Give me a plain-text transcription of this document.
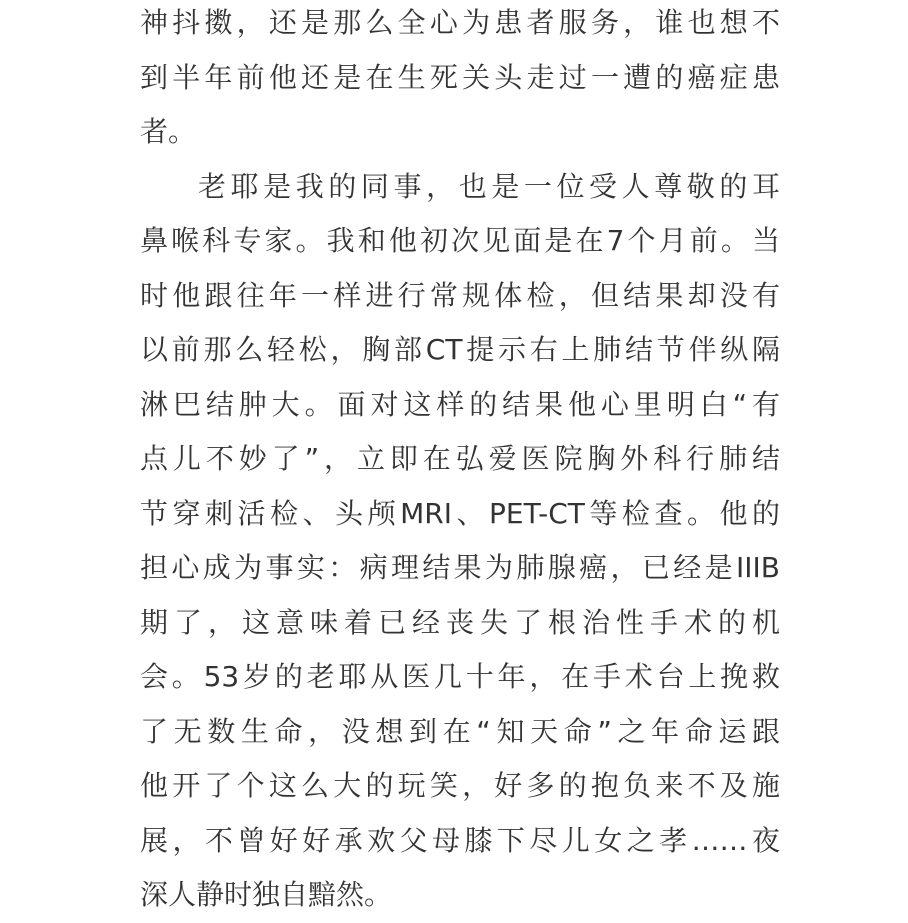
神抖擞，还是那么全心为患者服务，谁也想不
到半年前他还是在生死关头走过一遭的癌症患
者。
老耶是我的同事，也是一位受人尊敬的耳
鼻喉科专家。我和他初次见面是在7个月前。当
时他跟往年一样进行常规体检，但结果却没有
以前那么轻松，胸部CT提示右上肺结节伴纵隔
淋巴结肿大。面对这样的结果他心里明白“有
点儿不妙了”，立即在弘爱医院胸外科行肺结
节穿刺活检、头颅MRI、PET-CT等检查。他的
担心成为事实：病理结果为肺腺癌，已经是IIIB
期了，这意味着已经丧失了根治性手术的机
会。53岁的老耶从医几十年，在手术台上挽救
了无数生命，没想到在“知天命”之年命运跟
他开了个这么大的玩笑，好多的抱负来不及施
展，不曾好好承欢父母膝下尽儿女之孝……夜
深人静时独自黯然。
